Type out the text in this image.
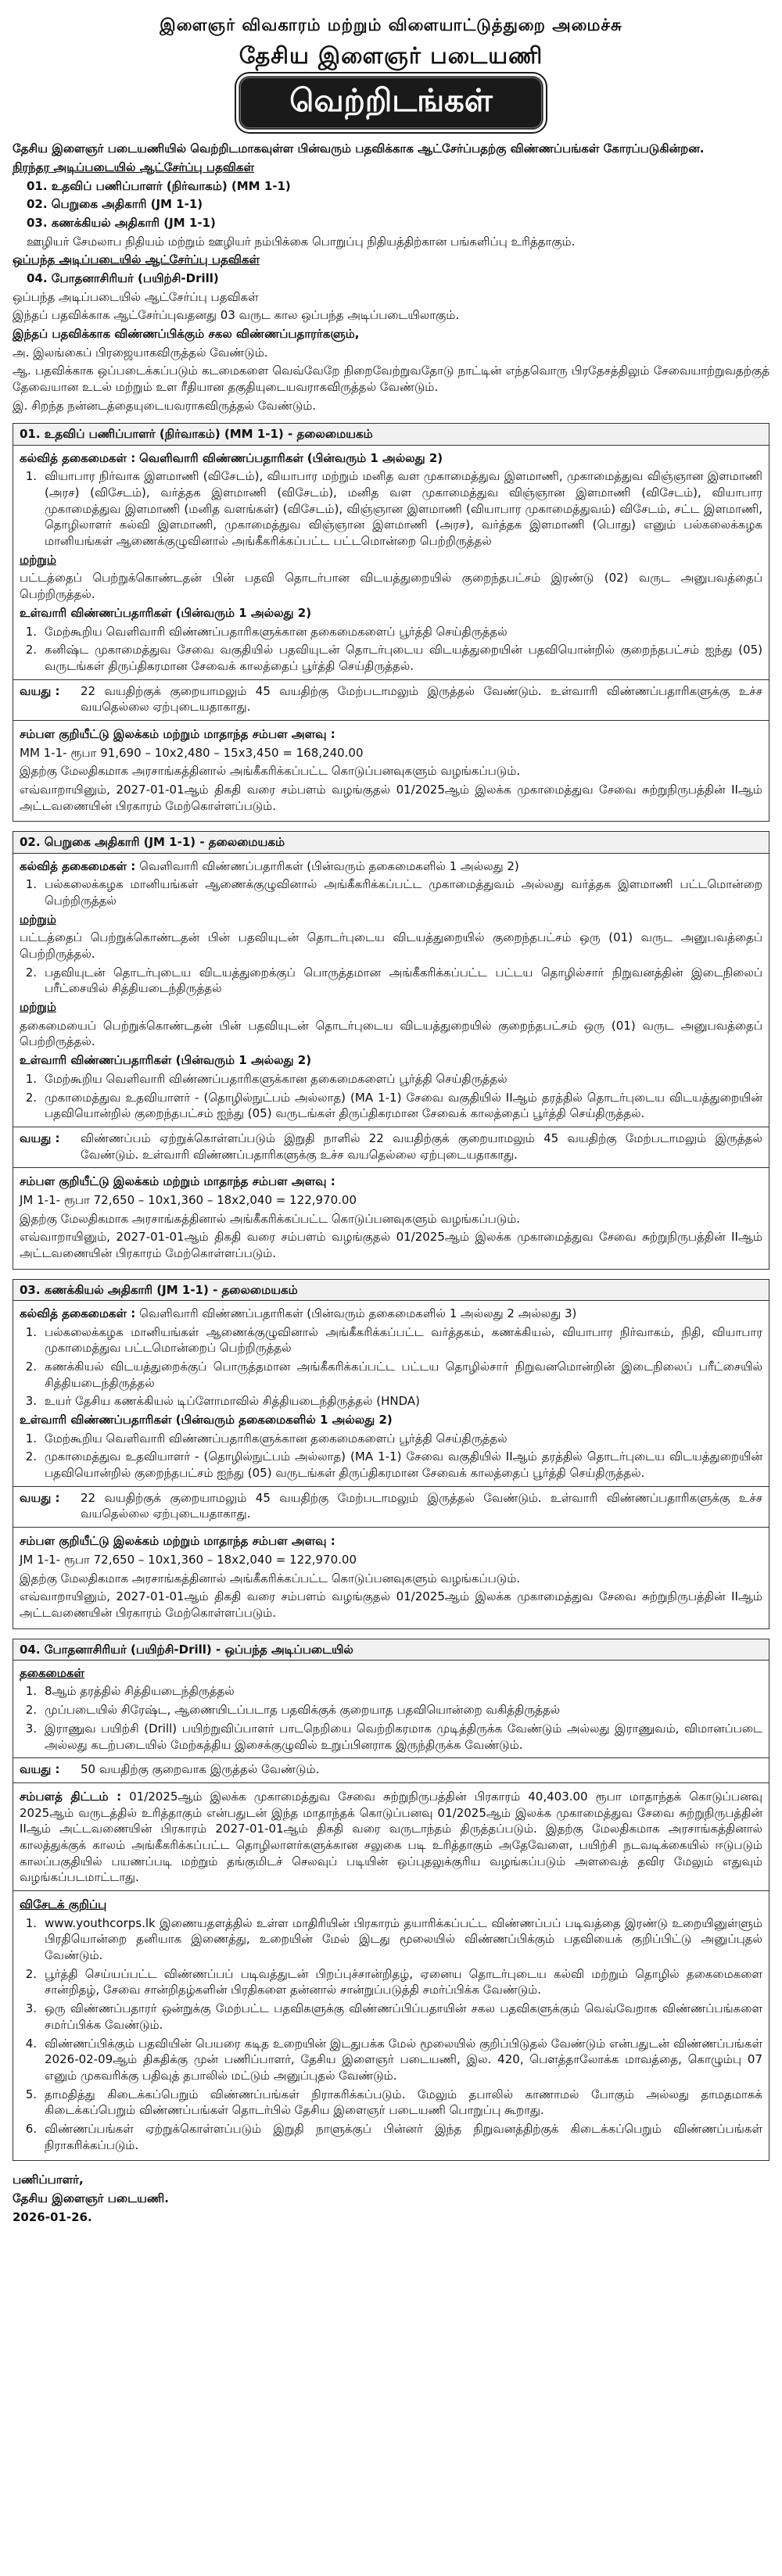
இளைஞர் விவகாரம் மற்றும் விளையாட்டுத்துறை அமைச்சு
தேசிய இளைஞர் படையணி
வெற்றிடங்கள்

தேசிய இளைஞர் படையணியில் வெற்றிடமாகவுள்ள பின்வரும் பதவிக்காக ஆட்சேர்ப்பதற்கு விண்ணப்பங்கள் கோரப்படுகின்றன.

நிரந்தர அடிப்படையில் ஆட்சேர்ப்பு பதவிகள்

01. உதவிப் பணிப்பாளர் (நிர்வாகம்) (MM 1-1)

02. பெறுகை அதிகாரி (JM 1-1)

03. கணக்கியல் அதிகாரி (JM 1-1)

ஊழியர் சேமலாப நிதியம் மற்றும் ஊழியர் நம்பிக்கை பொறுப்பு நிதியத்திற்கான பங்களிப்பு உரித்தாகும்.

ஒப்பந்த அடிப்படையில் ஆட்சேர்ப்பு பதவிகள்

04. போதனாசிரியர் (பயிற்சி-Drill)

ஒப்பந்த அடிப்படையில் ஆட்சேர்ப்பு பதவிகள்

இந்தப் பதவிக்காக ஆட்சேர்ப்புவதனது 03 வருட கால ஒப்பந்த அடிப்படையிலாகும்.

இந்தப் பதவிக்காக விண்ணப்பிக்கும் சகல விண்ணப்பதாரர்களும்,

அ. இலங்கைப் பிரஜையாகவிருத்தல் வேண்டும்.

ஆ. பதவிக்காக ஒப்படைக்கப்படும் கடமைகளை வெவ்வேறே நிறைவேற்றுவதோடு நாட்டின் எந்தவொரு பிரதேசத்திலும் சேவையாற்றுவதற்குத் தேவையான உடல் மற்றும் உள ரீதியான தகுதியுடையவராகவிருத்தல் வேண்டும்.

இ. சிறந்த நன்னடத்தையுடையவராகவிருத்தல் வேண்டும்.

01. உதவிப் பணிப்பாளர் (நிர்வாகம்) (MM 1-1) - தலைமையகம்

கல்வித் தகைமைகள் : வெளிவாரி விண்ணப்பதாரிகள் (பின்வரும் 1 அல்லது 2)

1. வியாபார நிர்வாக இளமாணி (விசேடம்), வியாபார மற்றும் மனித வள முகாமைத்துவ இளமாணி, முகாமைத்துவ விஞ்ஞான இளமாணி (அரச) (விசேடம்), வர்த்தக இளமாணி (விசேடம்), மனித வள முகாமைத்துவ விஞ்ஞான இளமாணி (விசேடம்), வியாபார முகாமைத்துவ இளமாணி (மனித வளங்கள்) (விசேடம்), விஞ்ஞான இளமாணி (வியாபார முகாமைத்துவம்) விசேடம், சட்ட இளமாணி, தொழிலாளர் கல்வி இளமாணி, முகாமைத்துவ விஞ்ஞான இளமாணி (அரச), வர்த்தக இளமாணி (பொது) எனும் பல்கலைக்கழக மானியங்கள் ஆணைக்குழுவினால் அங்கீகரிக்கப்பட்ட பட்டமொன்றை பெற்றிருத்தல்

மற்றும்

பட்டத்தைப் பெற்றுக்கொண்டதன் பின் பதவி தொடர்பான விடயத்துறையில் குறைந்தபட்சம் இரண்டு (02) வருட அனுபவத்தைப் பெற்றிருத்தல்.

உள்வாரி விண்ணப்பதாரிகள் (பின்வரும் 1 அல்லது 2)

1. மேற்கூறிய வெளிவாரி விண்ணப்பதாரிகளுக்கான தகைமைகளைப் பூர்த்தி செய்திருத்தல்
2. கனிஷ்ட முகாமைத்துவ சேவை வகுதியில் பதவியுடன் தொடர்புடைய விடயத்துறையின் பதவியொன்றில் குறைந்தபட்சம் ஐந்து (05) வருடங்கள் திருப்திகரமான சேவைக் காலத்தைப் பூர்த்தி செய்திருத்தல்.
வயது :	22 வயதிற்குக் குறையாமலும் 45 வயதிற்கு மேற்படாமலும் இருத்தல் வேண்டும். உள்வாரி விண்ணப்பதாரிகளுக்கு உச்ச வயதெல்லை ஏற்புடையதாகாது.

சம்பள குறியீட்டு இலக்கம் மற்றும் மாதாந்த சம்பள அளவு :

MM 1-1- ரூபா 91,690 – 10x2,480 – 15x3,450 = 168,240.00

இதற்கு மேலதிகமாக அரசாங்கத்தினால் அங்கீகரிக்கப்பட்ட கொடுப்பனவுகளும் வழங்கப்படும்.

எவ்வாறாயினும், 2027-01-01ஆம் திகதி வரை சம்பளம் வழங்குதல் 01/2025ஆம் இலக்க முகாமைத்துவ சேவை சுற்றுநிருபத்தின் IIஆம் அட்டவணையின் பிரகாரம் மேற்கொள்ளப்படும்.

02. பெறுகை அதிகாரி (JM 1-1) - தலைமையகம்

கல்வித் தகைமைகள் : வெளிவாரி விண்ணப்பதாரிகள் (பின்வரும் தகைமைகளில் 1 அல்லது 2)

1. பல்கலைக்கழக மானியங்கள் ஆணைக்குழுவினால் அங்கீகரிக்கப்பட்ட முகாமைத்துவம் அல்லது வர்த்தக இளமாணி பட்டமொன்றை பெற்றிருத்தல்

மற்றும்

பட்டத்தைப் பெற்றுக்கொண்டதன் பின் பதவியுடன் தொடர்புடைய விடயத்துறையில் குறைந்தபட்சம் ஒரு (01) வருட அனுபவத்தைப் பெற்றிருத்தல்.

2. பதவியுடன் தொடர்புடைய விடயத்துறைக்குப் பொருத்தமான அங்கீகரிக்கப்பட்ட பட்டய தொழில்சார் நிறுவனத்தின் இடைநிலைப் பரீட்சையில் சித்தியடைந்திருத்தல்

மற்றும்

தகைமையைப் பெற்றுக்கொண்டதன் பின் பதவியுடன் தொடர்புடைய விடயத்துறையில் குறைந்தபட்சம் ஒரு (01) வருட அனுபவத்தைப் பெற்றிருத்தல்.

உள்வாரி விண்ணப்பதாரிகள் (பின்வரும் 1 அல்லது 2)

1. மேற்கூறிய வெளிவாரி விண்ணப்பதாரிகளுக்கான தகைமைகளைப் பூர்த்தி செய்திருத்தல்
2. முகாமைத்துவ உதவியாளர் - (தொழில்நுட்பம் அல்லாத) (MA 1-1) சேவை வகுதியில் IIஆம் தரத்தில் தொடர்புடைய விடயத்துறையின் பதவியொன்றில் குறைந்தபட்சம் ஐந்து (05) வருடங்கள் திருப்திகரமான சேவைக் காலத்தைப் பூர்த்தி செய்திருத்தல்.
வயது :	விண்ணப்பம் ஏற்றுக்கொள்ளப்படும் இறுதி நாளில் 22 வயதிற்குக் குறையாமலும் 45 வயதிற்கு மேற்படாமலும் இருத்தல் வேண்டும். உள்வாரி விண்ணப்பதாரிகளுக்கு உச்ச வயதெல்லை ஏற்புடையதாகாது.

சம்பள குறியீட்டு இலக்கம் மற்றும் மாதாந்த சம்பள அளவு :

JM 1-1- ரூபா 72,650 – 10x1,360 – 18x2,040 = 122,970.00

இதற்கு மேலதிகமாக அரசாங்கத்தினால் அங்கீகரிக்கப்பட்ட கொடுப்பனவுகளும் வழங்கப்படும்.

எவ்வாறாயினும், 2027-01-01ஆம் திகதி வரை சம்பளம் வழங்குதல் 01/2025ஆம் இலக்க முகாமைத்துவ சேவை சுற்றுநிருபத்தின் IIஆம் அட்டவணையின் பிரகாரம் மேற்கொள்ளப்படும்.

03. கணக்கியல் அதிகாரி (JM 1-1) - தலைமையகம்

கல்வித் தகைமைகள் : வெளிவாரி விண்ணப்பதாரிகள் (பின்வரும் தகைமைகளில் 1 அல்லது 2 அல்லது 3)

1. பல்கலைக்கழக மானியங்கள் ஆணைக்குழுவினால் அங்கீகரிக்கப்பட்ட வர்த்தகம், கணக்கியல், வியாபார நிர்வாகம், நிதி, வியாபார முகாமைத்துவ பட்டமொன்றைப் பெற்றிருத்தல்
2. கணக்கியல் விடயத்துறைக்குப் பொருத்தமான அங்கீகரிக்கப்பட்ட பட்டய தொழில்சார் நிறுவனமொன்றின் இடைநிலைப் பரீட்சையில் சித்தியடைந்திருத்தல்
3. உயர் தேசிய கணக்கியல் டிப்ளோமாவில் சித்தியடைந்திருத்தல் (HNDA)

உள்வாரி விண்ணப்பதாரிகள் (பின்வரும் தகைமைகளில் 1 அல்லது 2)

1. மேற்கூறிய வெளிவாரி விண்ணப்பதாரிகளுக்கான தகைமைகளைப் பூர்த்தி செய்திருத்தல்
2. முகாமைத்துவ உதவியாளர் - (தொழில்நுட்பம் அல்லாத) (MA 1-1) சேவை வகுதியில் IIஆம் தரத்தில் தொடர்புடைய விடயத்துறையின் பதவியொன்றில் குறைந்தபட்சம் ஐந்து (05) வருடங்கள் திருப்திகரமான சேவைக் காலத்தைப் பூர்த்தி செய்திருத்தல்.
வயது :	22 வயதிற்குக் குறையாமலும் 45 வயதிற்கு மேற்படாமலும் இருத்தல் வேண்டும். உள்வாரி விண்ணப்பதாரிகளுக்கு உச்ச வயதெல்லை ஏற்புடையதாகாது.

சம்பள குறியீட்டு இலக்கம் மற்றும் மாதாந்த சம்பள அளவு :

JM 1-1- ரூபா 72,650 – 10x1,360 – 18x2,040 = 122,970.00

இதற்கு மேலதிகமாக அரசாங்கத்தினால் அங்கீகரிக்கப்பட்ட கொடுப்பனவுகளும் வழங்கப்படும்.

எவ்வாறாயினும், 2027-01-01ஆம் திகதி வரை சம்பளம் வழங்குதல் 01/2025ஆம் இலக்க முகாமைத்துவ சேவை சுற்றுநிருபத்தின் IIஆம் அட்டவணையின் பிரகாரம் மேற்கொள்ளப்படும்.

04. போதனாசிரியர் (பயிற்சி-Drill) - ஒப்பந்த அடிப்படையில்

தகைமைகள்

1. 8ஆம் தரத்தில் சித்தியடைந்திருத்தல்
2. முப்படையில் சிரேஷ்ட, ஆணையிடப்படாத பதவிக்குக் குறையாத பதவியொன்றை வகித்திருத்தல்
3. இராணுவ பயிற்சி (Drill) பயிற்றுவிப்பாளர் பாடநெறியை வெற்றிகரமாக முடித்திருக்க வேண்டும் அல்லது இராணுவம், விமானப்படை அல்லது கடற்படையில் மேற்கத்திய இசைக்குழுவில் உறுப்பினராக இருந்திருக்க வேண்டும்.
வயது :	50 வயதிற்கு குறைவாக இருத்தல் வேண்டும்.

சம்பளத் திட்டம் : 01/2025ஆம் இலக்க முகாமைத்துவ சேவை சுற்றுநிருபத்தின் பிரகாரம் 40,403.00 ரூபா மாதாந்தக் கொடுப்பனவு 2025ஆம் வருடத்தில் உரித்தாகும் என்பதுடன் இந்த மாதாந்தக் கொடுப்பனவு 01/2025ஆம் இலக்க முகாமைத்துவ சேவை சுற்றுநிருபத்தின் IIஆம் அட்டவணையின் பிரகாரம் 2027-01-01ஆம் திகதி வரை வருடாந்தம் திருத்தப்படும். இதற்கு மேலதிகமாக அரசாங்கத்தினால் காலத்துக்குக் காலம் அங்கீகரிக்கப்பட்ட தொழிலாளர்களுக்கான சலுகை படி உரித்தாகும் அதேவேளை, பயிற்சி நடவடிக்கையில் ஈடுபடும் காலப்பகுதியில் பயணப்படி மற்றும் தங்குமிடச் செலவுப் படியின் ஒப்புதலுக்குரிய வழங்கப்படும் அளவைத் தவிர மேலும் எதுவும் வழங்கப்படமாட்டாது.

விசேடக் குறிப்பு

1. www.youthcorps.lk இணையதளத்தில் உள்ள மாதிரியின் பிரகாரம் தயாரிக்கப்பட்ட விண்ணப்பப் படிவத்தை இரண்டு உறையினுள்ளும் பிரதியொன்றை தனியாக இணைத்து, உறையின் மேல் இடது மூலையில் விண்ணப்பிக்கும் பதவியைக் குறிப்பிட்டு அனுப்புதல் வேண்டும்.
2. பூர்த்தி செய்யப்பட்ட விண்ணப்பப் படிவத்துடன் பிறப்புச்சான்றிதழ், ஏனைய தொடர்புடைய கல்வி மற்றும் தொழில் தகைமைகளை சான்றிதழ், சேவை சான்றிதழ்களின் பிரதிகளை தன்னால் சான்றுப்படுத்தி சமர்ப்பிக்க வேண்டும்.
3. ஒரு விண்ணப்பதாரர் ஒன்றுக்கு மேற்பட்ட பதவிகளுக்கு விண்ணப்பிப்பதாயின் சகல பதவிகளுக்கும் வெவ்வேறாக விண்ணப்பங்களை சமர்ப்பிக்க வேண்டும்.
4. விண்ணப்பிக்கும் பதவியின் பெயரை கடித உறையின் இடதுபக்க மேல் மூலையில் குறிப்பிடுதல் வேண்டும் என்பதுடன் விண்ணப்பங்கள் 2026-02-09ஆம் திகதிக்கு முன் பணிப்பாளர், தேசிய இளைஞர் படையணி, இல. 420, பெளத்தாலோக்க மாவத்தை, கொழும்பு 07 எனும் முகவரிக்கு பதிவுத் தபாலில் மட்டும் அனுப்புதல் வேண்டும்.
5. தாமதித்து கிடைக்கப்பெறும் விண்ணப்பங்கள் நிராகரிக்கப்படும். மேலும் தபாலில் காணாமல் போகும் அல்லது தாமதமாகக் கிடைக்கப்பெறும் விண்ணப்பங்கள் தொடர்பில் தேசிய இளைஞர் படையணி பொறுப்பு கூறாது.
6. விண்ணப்பங்கள் ஏற்றுக்கொள்ளப்படும் இறுதி நாளுக்குப் பின்னர் இந்த நிறுவனத்திற்குக் கிடைக்கப்பெறும் விண்ணப்பங்கள் நிராகரிக்கப்படும்.

பணிப்பாளர்,

தேசிய இளைஞர் படையணி.

2026-01-26.
